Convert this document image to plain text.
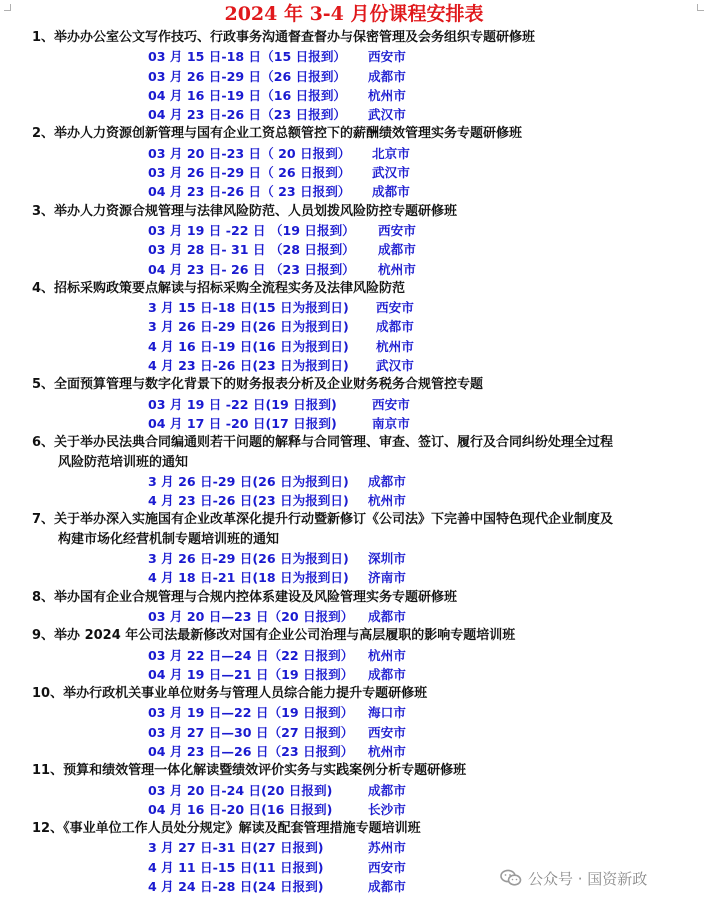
2024 年 3-4 月份课程安排表
1、举办办公室公文写作技巧、行政事务沟通督查督办与保密管理及会务组织专题研修班
03 月 15 日-18 日（15 日报到） 西安市
03 月 26 日-29 日（26 日报到） 成都市
04 月 16 日-19 日（16 日报到） 杭州市
04 月 23 日-26 日（23 日报到） 武汉市
2、举办人力资源创新管理与国有企业工资总额管控下的薪酬绩效管理实务专题研修班
03 月 20 日-23 日（ 20 日报到） 北京市
03 月 26 日-29 日（ 26 日报到） 武汉市
04 月 23 日-26 日（ 23 日报到） 成都市
3、举办人力资源合规管理与法律风险防范、人员划拨风险防控专题研修班
03 月 19 日 -22 日 （19 日报到） 西安市
03 月 28 日- 31 日 （28 日报到） 成都市
04 月 23 日- 26 日 （23 日报到） 杭州市
4、招标采购政策要点解读与招标采购全流程实务及法律风险防范
3 月 15 日-18 日(15 日为报到日) 西安市
3 月 26 日-29 日(26 日为报到日) 成都市
4 月 16 日-19 日(16 日为报到日) 杭州市
4 月 23 日-26 日(23 日为报到日) 武汉市
5、全面预算管理与数字化背景下的财务报表分析及企业财务税务合规管控专题
03 月 19 日 -22 日(19 日报到)	西安市
04 月 17 日 -20 日(17 日报到)	南京市
6、关于举办民法典合同编通则若干问题的解释与合同管理、审查、签订、履行及合同纠纷处理全过程
风险防范培训班的通知
3 月 26 日-29 日(26 日为报到日) 成都市
4 月 23 日-26 日(23 日为报到日) 杭州市
7、关于举办深入实施国有企业改革深化提升行动暨新修订《公司法》下完善中国特色现代企业制度及
构建市场化经营机制专题培训班的通知
3 月 26 日-29 日(26 日为报到日) 深圳市
4 月 18 日-21 日(18 日为报到日) 济南市
8、举办国有企业合规管理与合规内控体系建设及风险管理实务专题研修班
03 月 20 日—23 日（20 日报到） 成都市
9、举办 2024 年公司法最新修改对国有企业公司治理与高层履职的影响专题培训班
03 月 22 日—24 日（22 日报到） 杭州市
04 月 19 日—21 日（19 日报到） 成都市
10、举办行政机关事业单位财务与管理人员综合能力提升专题研修班
03 月 19 日—22 日（19 日报到） 海口市
03 月 27 日—30 日（27 日报到） 西安市
04 月 23 日—26 日（23 日报到） 杭州市
11、预算和绩效管理一体化解读暨绩效评价实务与实践案例分析专题研修班
03 月 20 日-24 日(20 日报到)	成都市
04 月 16 日-20 日(16 日报到)	长沙市
12、《事业单位工作人员处分规定》解读及配套管理措施专题培训班
3 月 27 日-31 日(27 日报到)	苏州市
4 月 11 日-15 日(11 日报到)	西安市
4 月 24 日-28 日(24 日报到)	成都市	公众号 · 国资新政
